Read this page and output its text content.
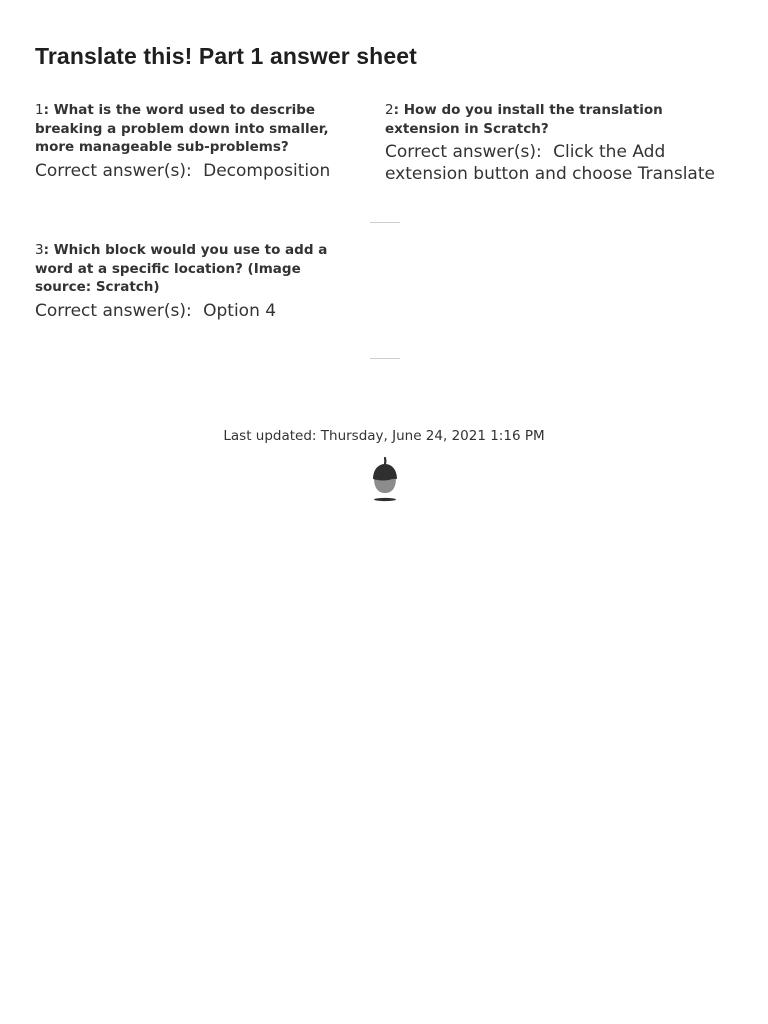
Translate this! Part 1 answer sheet
1: What is the word used to describe breaking a problem down into smaller, more manageable sub-problems?
Correct answer(s): Decomposition
2: How do you install the translation extension in Scratch?
Correct answer(s): Click the Add extension button and choose Translate
3: Which block would you use to add a word at a specific location? (Image source: Scratch)
Correct answer(s): Option 4
Last updated: Thursday, June 24, 2021 1:16 PM
